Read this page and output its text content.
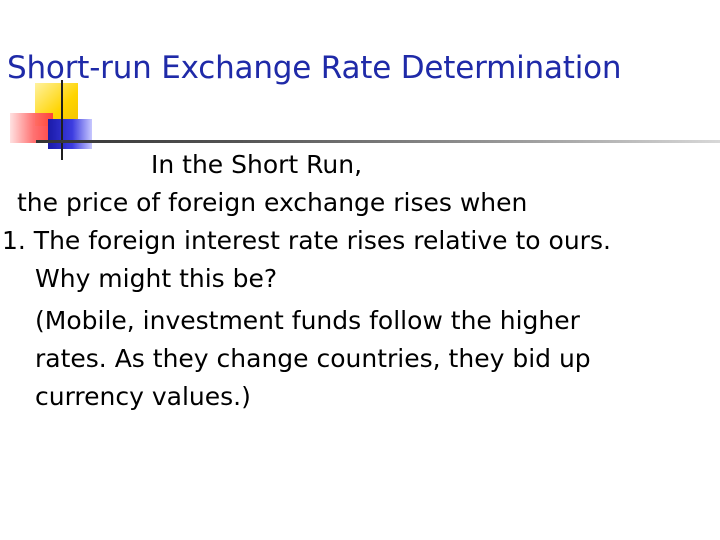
Short-run Exchange Rate Determination
In the Short Run,
the price of foreign exchange rises when
1. The foreign interest rate rises relative to ours.
Why might this be?
(Mobile, investment funds follow the higher
rates. As they change countries, they bid up
currency values.)
